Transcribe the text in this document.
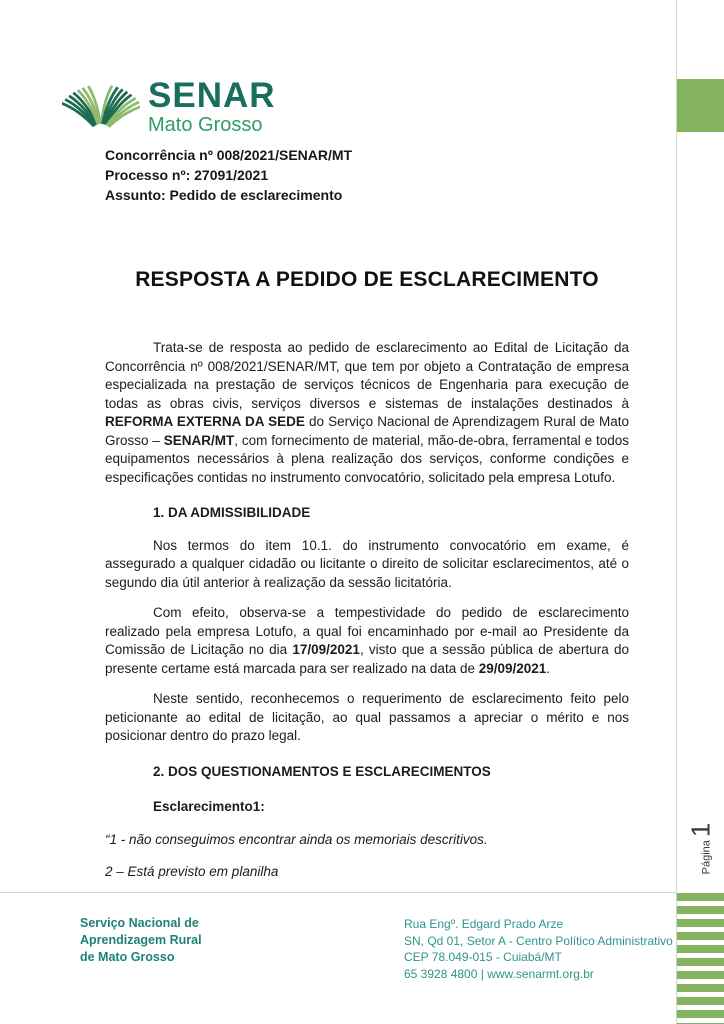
Página
1
SENAR
Mato Grosso
Concorrência nº 008/2021/SENAR/MT
Processo nº: 27091/2021
Assunto: Pedido de esclarecimento
RESPOSTA A PEDIDO DE ESCLARECIMENTO

Trata-se de resposta ao pedido de esclarecimento ao Edital de Licitação da Concorrência nº 008/2021/SENAR/MT, que tem por objeto a Contratação de empresa especializada na prestação de serviços técnicos de Engenharia para execução de todas as obras civis, serviços diversos e sistemas de instalações destinados à REFORMA EXTERNA DA SEDE do Serviço Nacional de Aprendizagem Rural de Mato Grosso – SENAR/MT, com fornecimento de material, mão-de-obra, ferramental e todos equipamentos necessários à plena realização dos serviços, conforme condições e especificações contidas no instrumento convocatório, solicitado pela empresa Lotufo.

1. DA ADMISSIBILIDADE

Nos termos do item 10.1. do instrumento convocatório em exame, é assegurado a qualquer cidadão ou licitante o direito de solicitar esclarecimentos, até o segundo dia útil anterior à realização da sessão licitatória.

Com efeito, observa-se a tempestividade do pedido de esclarecimento realizado pela empresa Lotufo, a qual foi encaminhado por e-mail ao Presidente da Comissão de Licitação no dia 17/09/2021, visto que a sessão pública de abertura do presente certame está marcada para ser realizado na data de 29/09/2021.

Neste sentido, reconhecemos o requerimento de esclarecimento feito pelo peticionante ao edital de licitação, ao qual passamos a apreciar o mérito e nos posicionar dentro do prazo legal.

2. DOS QUESTIONAMENTOS E ESCLARECIMENTOS
Esclarecimento1:

“1 - não conseguimos encontrar ainda os memoriais descritivos.

2 – Está previsto em planilha

Serviço Nacional de
Aprendizagem Rural
de Mato Grosso
Rua Engº. Edgard Prado Arze
SN, Qd 01, Setor A - Centro Político Administrativo
CEP 78.049-015 - Cuiabá/MT
65 3928 4800 | www.senarmt.org.br
